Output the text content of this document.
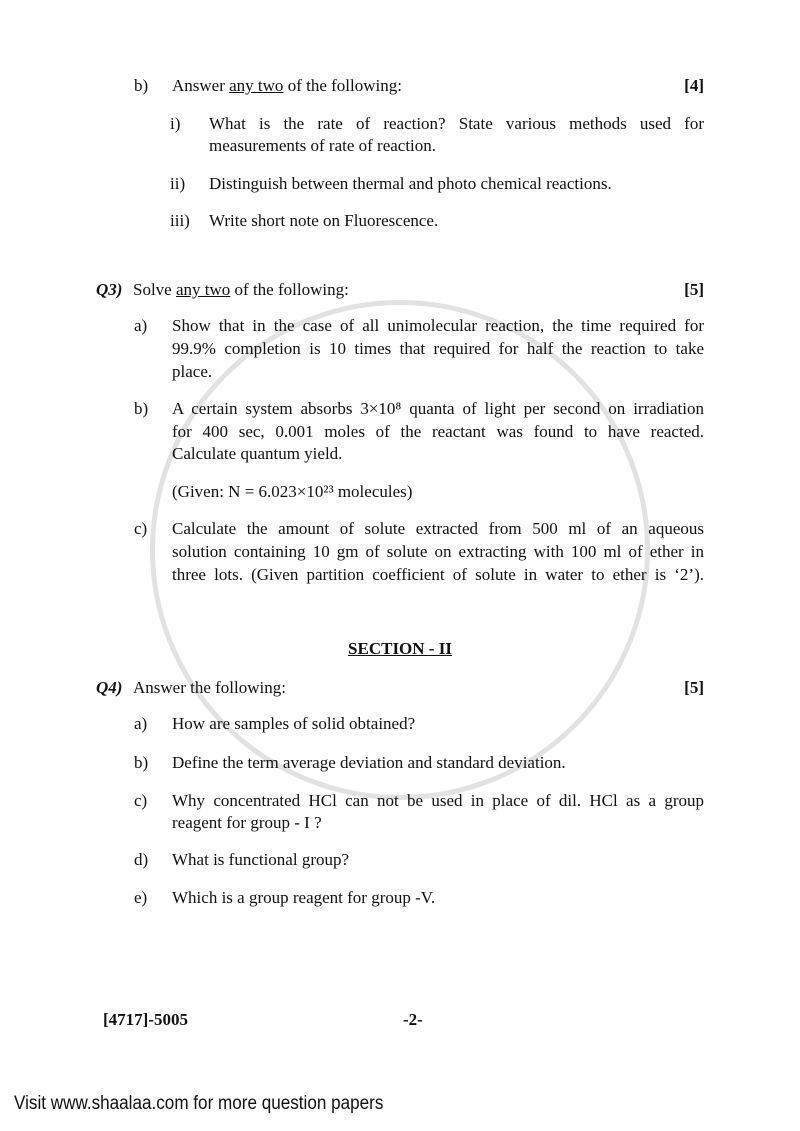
b) Answer any two of the following:	[4]
i) What is the rate of reaction? State various methods used for
measurements of rate of reaction.
ii) Distinguish between thermal and photo chemical reactions.
iii) Write short note on Fluorescence.
Q3) Solve any two of the following:	[5]
a) Show that in the case of all unimolecular reaction, the time required for
99.9% completion is 10 times that required for half the reaction to take
place.
b) A certain system absorbs 3×10⁸ quanta of light per second on irradiation
for 400 sec, 0.001 moles of the reactant was found to have reacted.
Calculate quantum yield.
(Given: N = 6.023×10²³ molecules)
c) Calculate the amount of solute extracted from 500 ml of an aqueous
solution containing 10 gm of solute on extracting with 100 ml of ether in
three lots. (Given partition coefficient of solute in water to ether is ‘2’).
SECTION - II
Q4) Answer the following:	[5]
a) How are samples of solid obtained?
b) Define the term average deviation and standard deviation.
c) Why concentrated HCl can not be used in place of dil. HCl as a group
reagent for group - I ?
d) What is functional group?
e) Which is a group reagent for group -V.
[4717]-5005	-2-
Visit www.shaalaa.com for more question papers
